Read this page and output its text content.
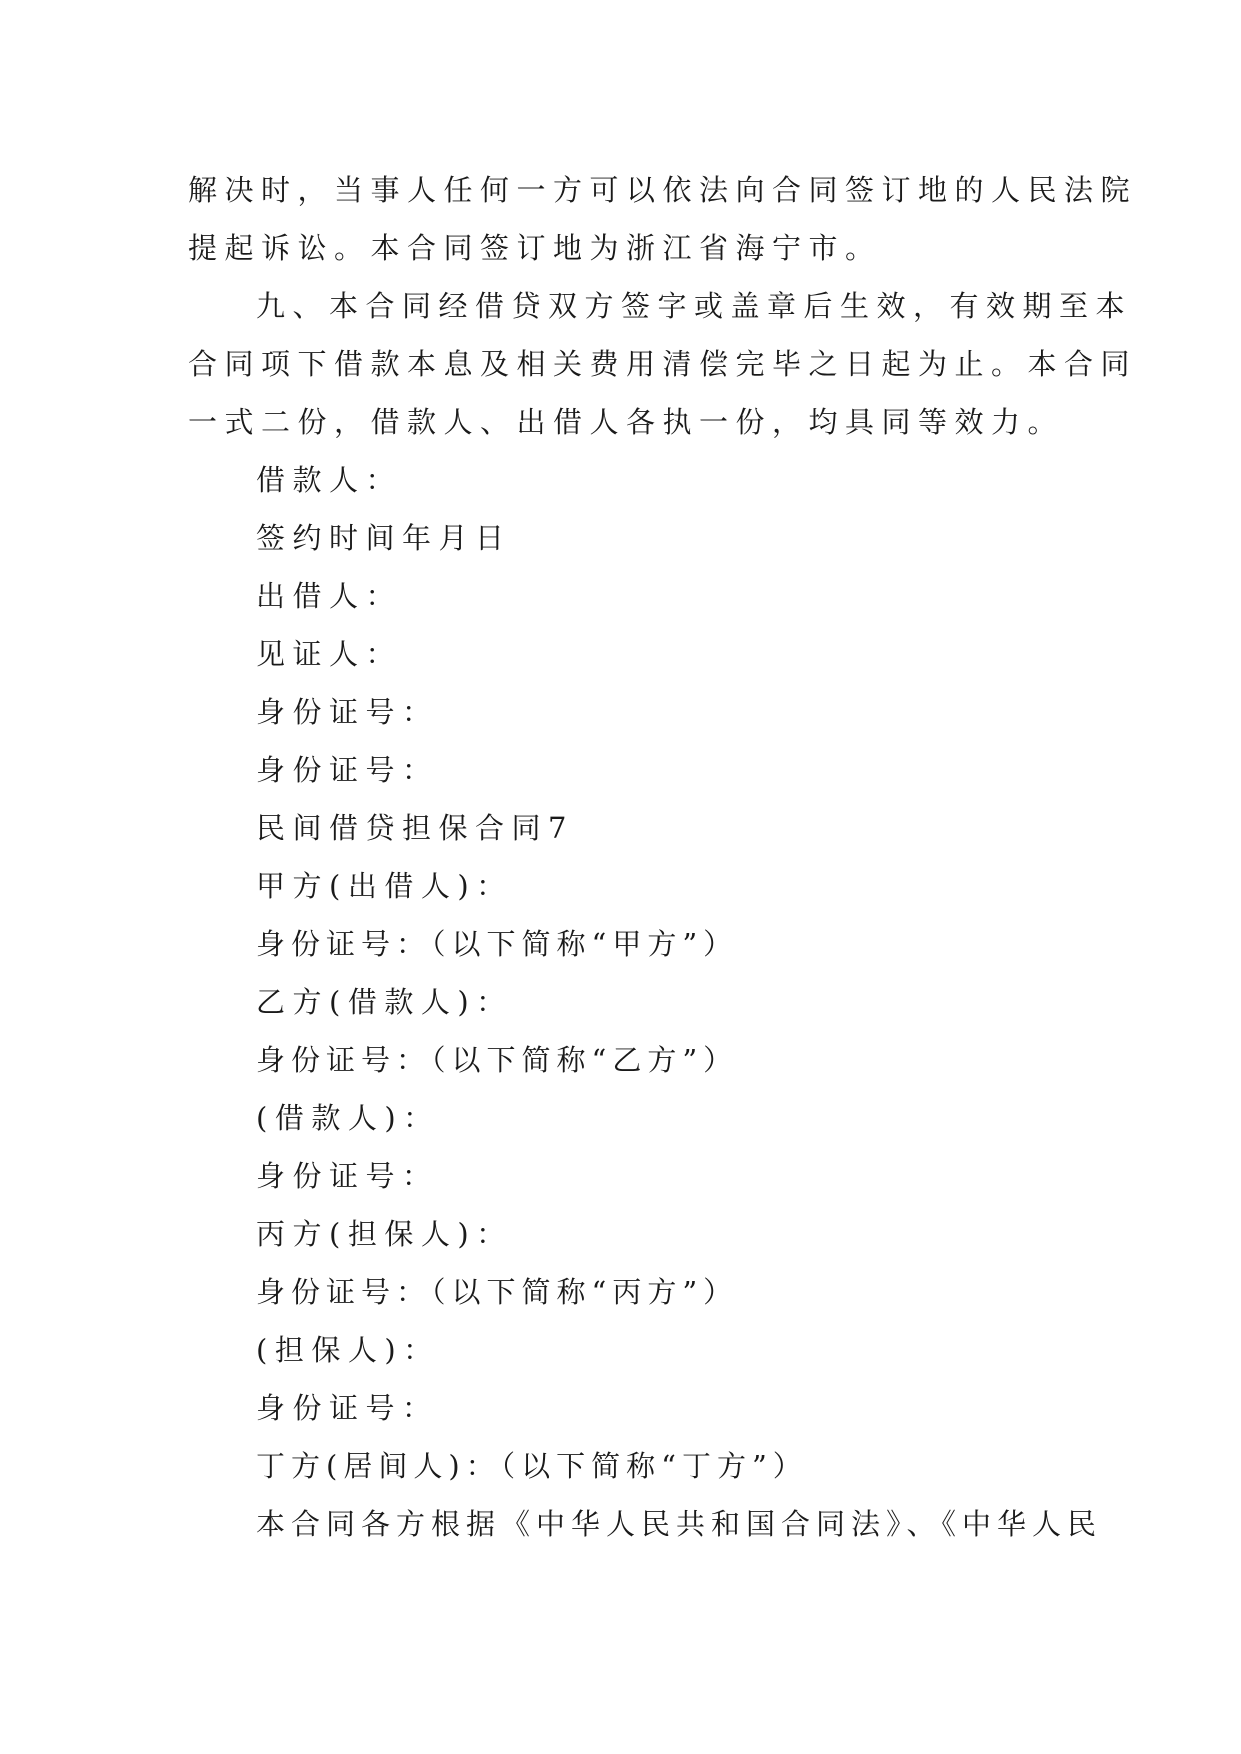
解决时，当事人任何一方可以依法向合同签订地的人民法院
提起诉讼。本合同签订地为浙江省海宁市。
九、本合同经借贷双方签字或盖章后生效，有效期至本
合同项下借款本息及相关费用清偿完毕之日起为止。本合同
一式二份，借款人、出借人各执一份，均具同等效力。
借款人：
签约时间年月日
出借人：
见证人：
身份证号：
身份证号：
民间借贷担保合同7
甲方(出借人)：
身份证号：（以下简称“甲方”）
乙方(借款人)：
身份证号：（以下简称“乙方”）
(借款人)：
身份证号：
丙方(担保人)：
身份证号：（以下简称“丙方”）
(担保人)：
身份证号：
丁方(居间人)：（以下简称“丁方”）
本合同各方根据《中华人民共和国合同法》、《中华人民
